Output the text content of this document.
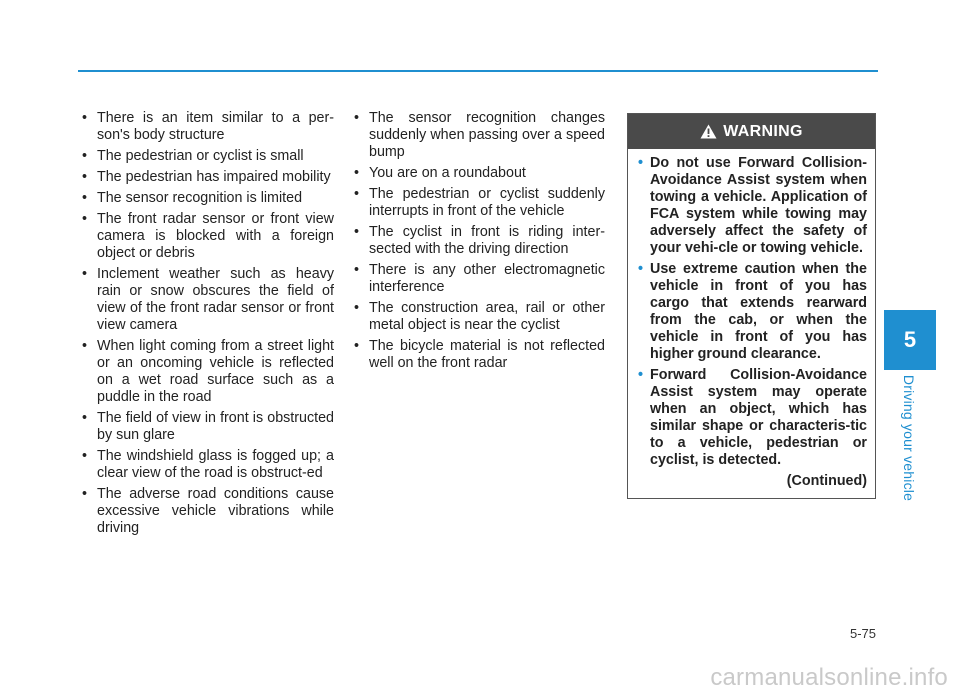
• There is an item similar to a per-son's body structure
• The pedestrian or cyclist is small
• The pedestrian has impaired mobility
• The sensor recognition is limited
• The front radar sensor or front view camera is blocked with a foreign object or debris
• Inclement weather such as heavy rain or snow obscures the field of view of the front radar sensor or front view camera
• When light coming from a street light or an oncoming vehicle is reflected on a wet road surface such as a puddle in the road
• The field of view in front is obstructed by sun glare
• The windshield glass is fogged up; a clear view of the road is obstruct-ed
• The adverse road conditions cause excessive vehicle vibrations while driving
• The sensor recognition changes suddenly when passing over a speed bump
• You are on a roundabout
• The pedestrian or cyclist suddenly interrupts in front of the vehicle
• The cyclist in front is riding inter-sected with the driving direction
• There is any other electromagnetic interference
• The construction area, rail or other metal object is near the cyclist
• The bicycle material is not reflected well on the front radar
WARNING
• Do not use Forward Collision-Avoidance Assist system when towing a vehicle. Application of FCA system while towing may adversely affect the safety of your vehi-cle or towing vehicle.
• Use extreme caution when the vehicle in front of you has cargo that extends rearward from the cab, or when the vehicle in front of you has higher ground clearance.
• Forward Collision-Avoidance Assist system may operate when an object, which has similar shape or characteris-tic to a vehicle, pedestrian or cyclist, is detected.
(Continued)
5
Driving your vehicle
5-75
carmanualsonline.info
